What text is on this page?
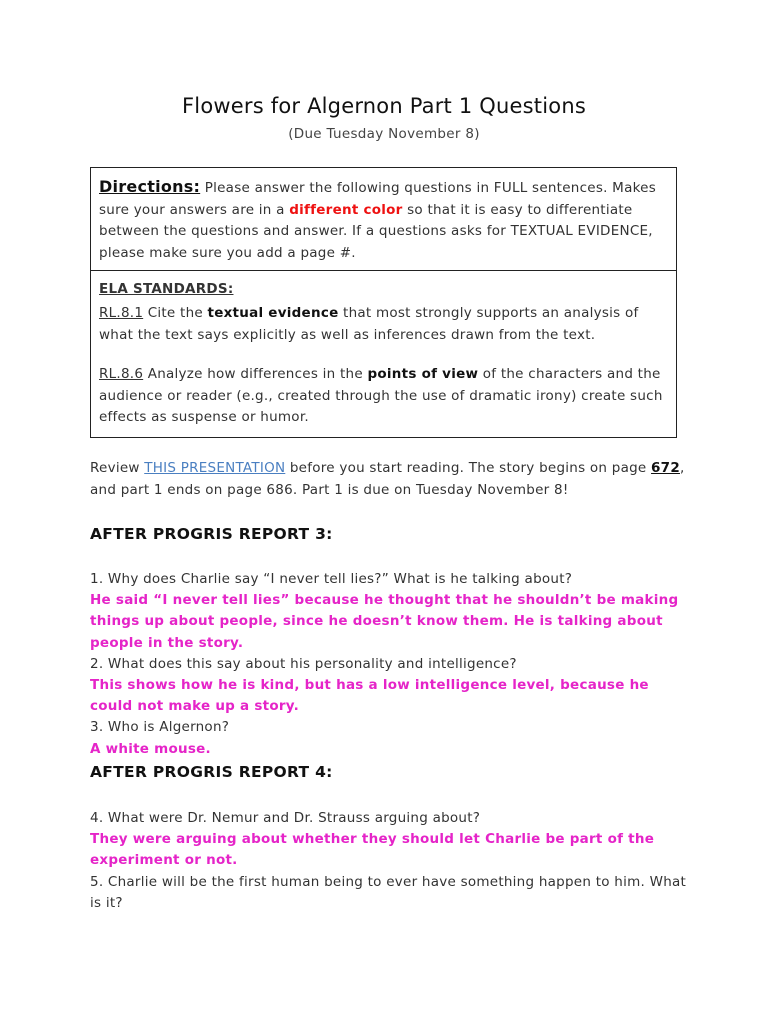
Flowers for Algernon Part 1 Questions
(Due Tuesday November 8)

Directions: Please answer the following questions in FULL sentences. Makes sure your answers are in a different color so that it is easy to differentiate between the questions and answer. If a questions asks for TEXTUAL EVIDENCE, please make sure you add a page #.

ELA STANDARDS:

RL.8.1 Cite the textual evidence that most strongly supports an analysis of what the text says explicitly as well as inferences drawn from the text.

RL.8.6 Analyze how differences in the points of view of the characters and the audience or reader (e.g., created through the use of dramatic irony) create such effects as suspense or humor.

Review THIS PRESENTATION before you start reading. The story begins on page 672, and part 1 ends on page 686. Part 1 is due on Tuesday November 8!

AFTER PROGRIS REPORT 3:

1. Why does Charlie say “I never tell lies?” What is he talking about?

He said “I never tell lies” because he thought that he shouldn’t be making things up about people, since he doesn’t know them. He is talking about people in the story.

2. What does this say about his personality and intelligence?

This shows how he is kind, but has a low intelligence level, because he could not make up a story.

3. Who is Algernon?

A white mouse.

AFTER PROGRIS REPORT 4:

4. What were Dr. Nemur and Dr. Strauss arguing about?

They were arguing about whether they should let Charlie be part of the experiment or not.

5. Charlie will be the first human being to ever have something happen to him. What is it?
